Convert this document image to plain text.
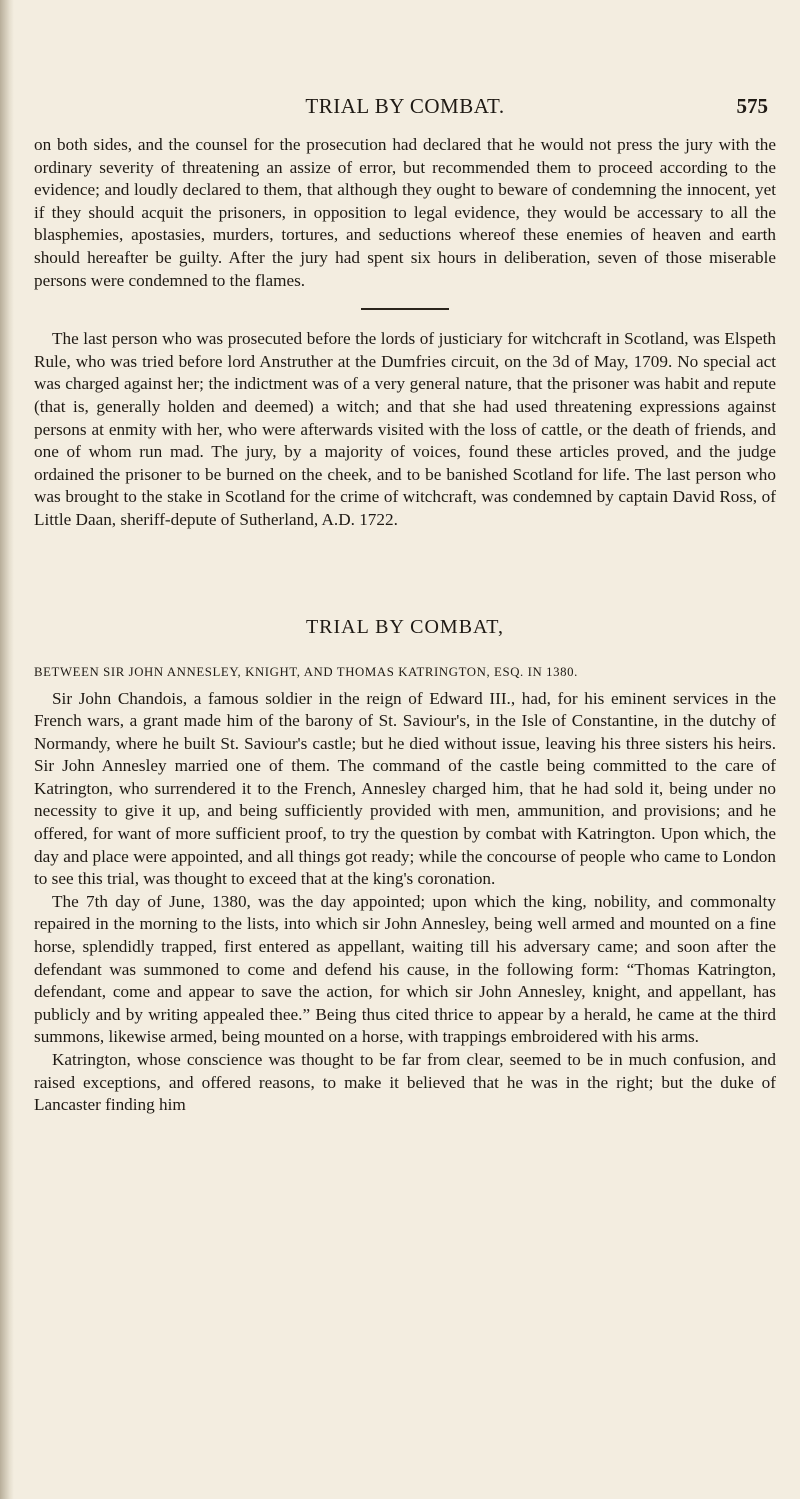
TRIAL BY COMBAT.	575

on both sides, and the counsel for the prosecution had declared that he would not press the jury with the ordinary severity of threatening an assize of error, but recommended them to proceed according to the evidence; and loudly declared to them, that although they ought to beware of condemning the innocent, yet if they should acquit the prisoners, in opposition to legal evidence, they would be accessary to all the blasphemies, apostasies, murders, tortures, and seductions whereof these enemies of heaven and earth should hereafter be guilty. After the jury had spent six hours in deliberation, seven of those miserable persons were condemned to the flames.

The last person who was prosecuted before the lords of justiciary for witchcraft in Scotland, was Elspeth Rule, who was tried before lord Anstruther at the Dumfries circuit, on the 3d of May, 1709. No special act was charged against her; the indictment was of a very general nature, that the prisoner was habit and repute (that is, generally holden and deemed) a witch; and that she had used threatening expressions against persons at enmity with her, who were afterwards visited with the loss of cattle, or the death of friends, and one of whom run mad. The jury, by a majority of voices, found these articles proved, and the judge ordained the prisoner to be burned on the cheek, and to be banished Scotland for life. The last person who was brought to the stake in Scotland for the crime of witchcraft, was condemned by captain David Ross, of Little Daan, sheriff-depute of Sutherland, A.D. 1722.

TRIAL BY COMBAT,
BETWEEN SIR JOHN ANNESLEY, KNIGHT, AND THOMAS KATRINGTON, ESQ. IN 1380.

Sir John Chandois, a famous soldier in the reign of Edward III., had, for his eminent services in the French wars, a grant made him of the barony of St. Saviour's, in the Isle of Constantine, in the dutchy of Normandy, where he built St. Saviour's castle; but he died without issue, leaving his three sisters his heirs. Sir John Annesley married one of them. The command of the castle being committed to the care of Katrington, who surrendered it to the French, Annesley charged him, that he had sold it, being under no necessity to give it up, and being sufficiently provided with men, ammunition, and provisions; and he offered, for want of more sufficient proof, to try the question by combat with Katrington. Upon which, the day and place were appointed, and all things got ready; while the concourse of people who came to London to see this trial, was thought to exceed that at the king's coronation.

The 7th day of June, 1380, was the day appointed; upon which the king, nobility, and commonalty repaired in the morning to the lists, into which sir John Annesley, being well armed and mounted on a fine horse, splendidly trapped, first entered as appellant, waiting till his adversary came; and soon after the defendant was summoned to come and defend his cause, in the following form: “Thomas Katrington, defendant, come and appear to save the action, for which sir John Annesley, knight, and appellant, has publicly and by writing appealed thee.” Being thus cited thrice to appear by a herald, he came at the third summons, likewise armed, being mounted on a horse, with trappings embroidered with his arms.

Katrington, whose conscience was thought to be far from clear, seemed to be in much confusion, and raised exceptions, and offered reasons, to make it believed that he was in the right; but the duke of Lancaster finding him
